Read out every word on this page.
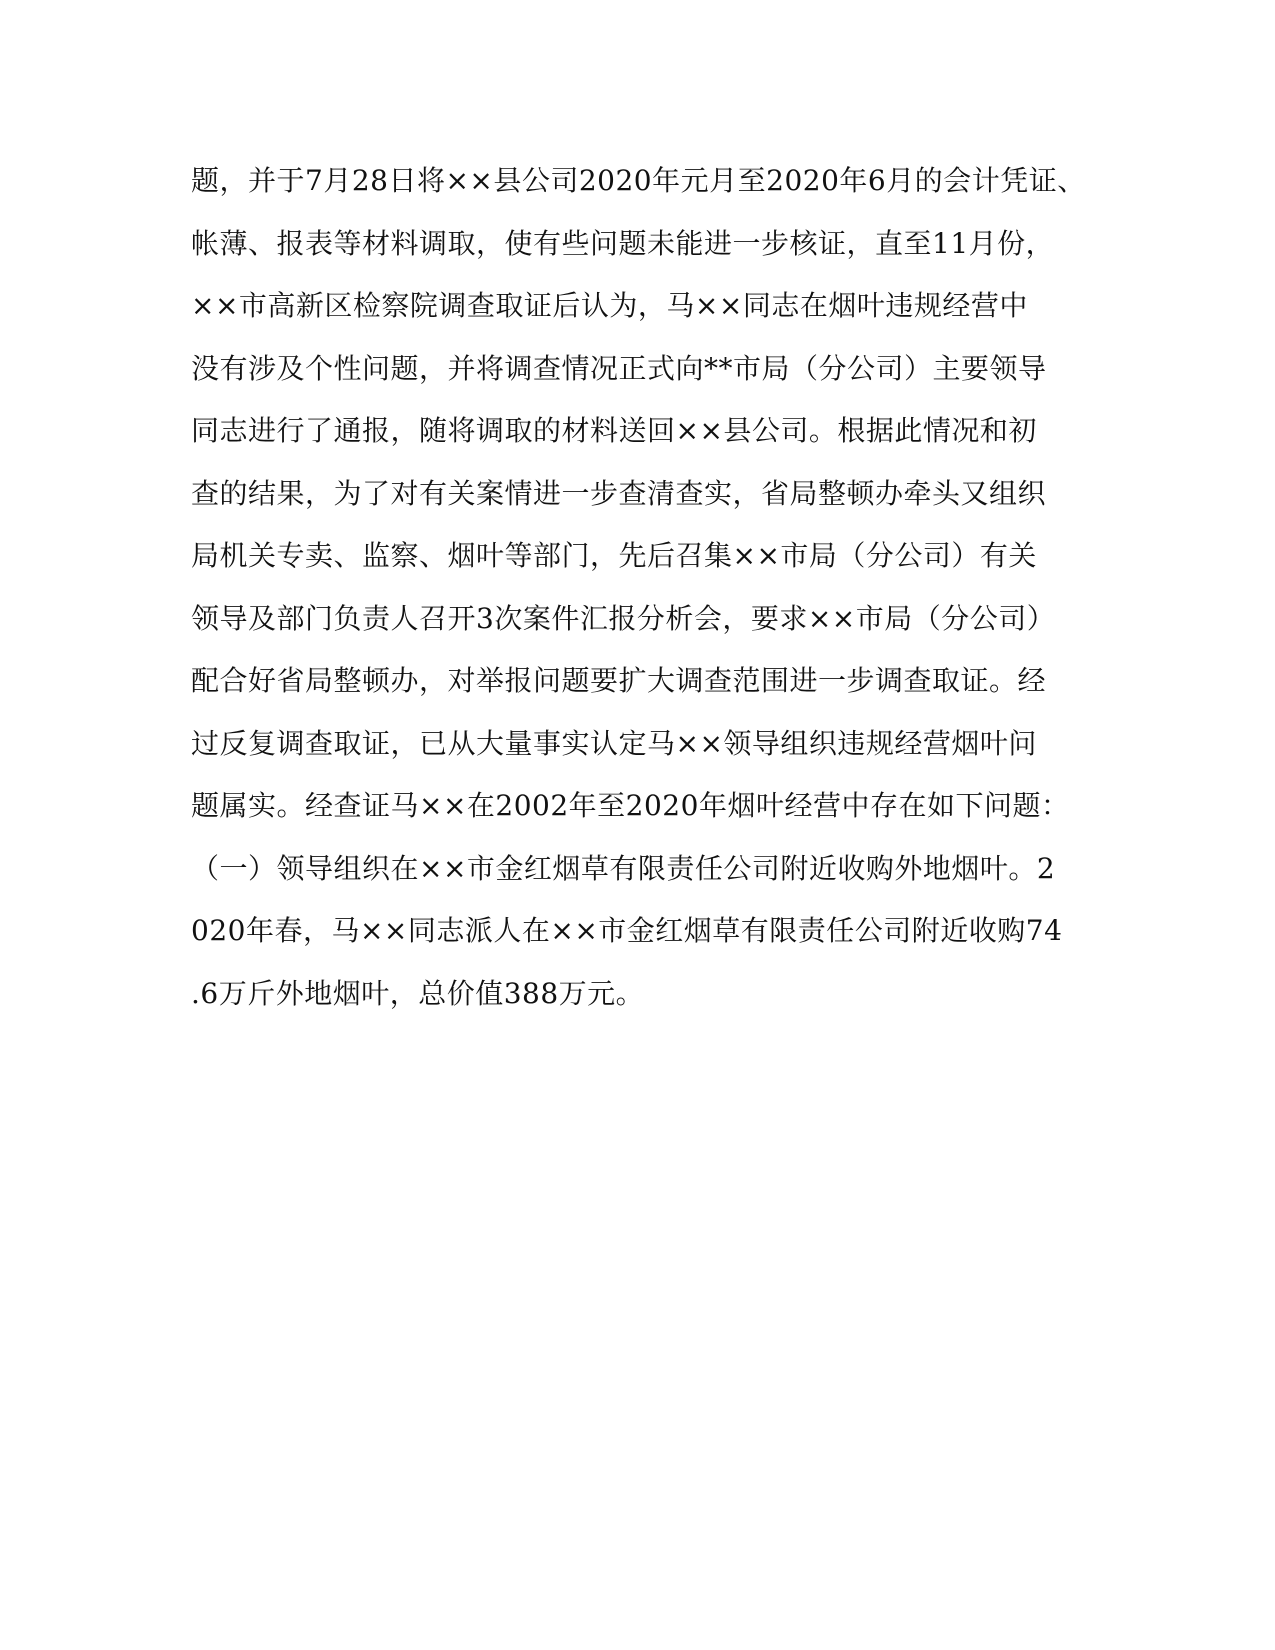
题，并于7月28日将××县公司2020年元月至2020年6月的会计凭证、
帐薄、报表等材料调取，使有些问题未能进一步核证，直至11月份，
××市高新区检察院调查取证后认为，马××同志在烟叶违规经营中
没有涉及个性问题，并将调查情况正式向**市局（分公司）主要领导
同志进行了通报，随将调取的材料送回××县公司。根据此情况和初
查的结果，为了对有关案情进一步查清查实，省局整顿办牵头又组织
局机关专卖、监察、烟叶等部门，先后召集××市局（分公司）有关
领导及部门负责人召开3次案件汇报分析会，要求××市局（分公司）
配合好省局整顿办，对举报问题要扩大调查范围进一步调查取证。经
过反复调查取证，已从大量事实认定马××领导组织违规经营烟叶问
题属实。经查证马××在2002年至2020年烟叶经营中存在如下问题：
（一）领导组织在××市金红烟草有限责任公司附近收购外地烟叶。2
020年春，马××同志派人在××市金红烟草有限责任公司附近收购74
.6万斤外地烟叶，总价值388万元。
